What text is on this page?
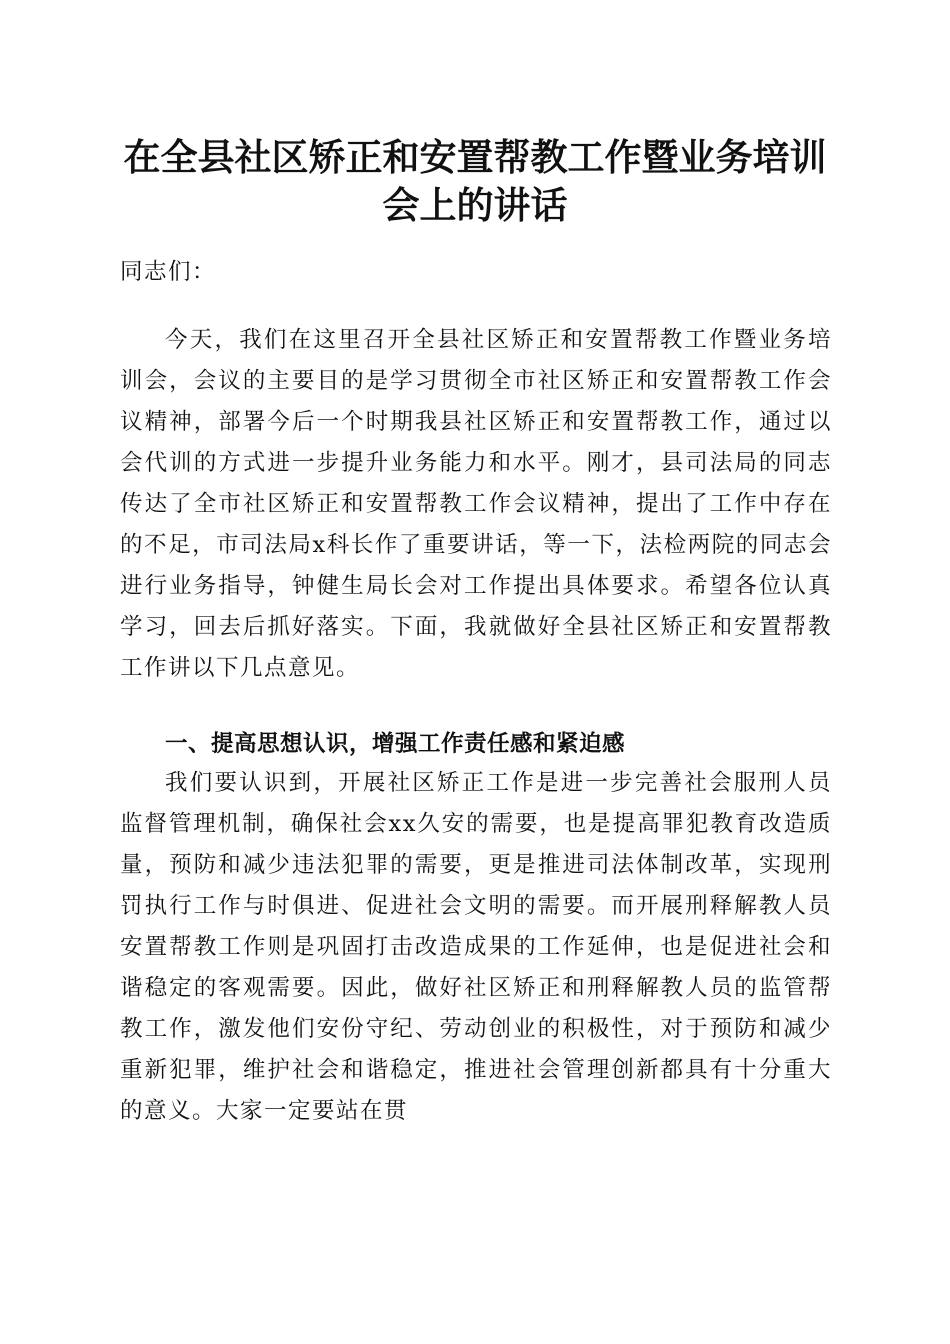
在全县社区矫正和安置帮教工作暨业务培训会上的讲话

同志们：

今天，我们在这里召开全县社区矫正和安置帮教工作暨业务培训会，会议的主要目的是学习贯彻全市社区矫正和安置帮教工作会议精神，部署今后一个时期我县社区矫正和安置帮教工作，通过以会代训的方式进一步提升业务能力和水平。刚才，县司法局的同志传达了全市社区矫正和安置帮教工作会议精神，提出了工作中存在的不足，市司法局x科长作了重要讲话，等一下，法检两院的同志会进行业务指导，钟健生局长会对工作提出具体要求。希望各位认真学习，回去后抓好落实。下面，我就做好全县社区矫正和安置帮教工作讲以下几点意见。

一、提高思想认识，增强工作责任感和紧迫感

我们要认识到，开展社区矫正工作是进一步完善社会服刑人员监督管理机制，确保社会xx久安的需要，也是提高罪犯教育改造质量，预防和减少违法犯罪的需要，更是推进司法体制改革，实现刑罚执行工作与时俱进、促进社会文明的需要。而开展刑释解教人员安置帮教工作则是巩固打击改造成果的工作延伸，也是促进社会和谐稳定的客观需要。因此，做好社区矫正和刑释解教人员的监管帮教工作，激发他们安份守纪、劳动创业的积极性，对于预防和减少重新犯罪，维护社会和谐稳定，推进社会管理创新都具有十分重大的意义。大家一定要站在贯
